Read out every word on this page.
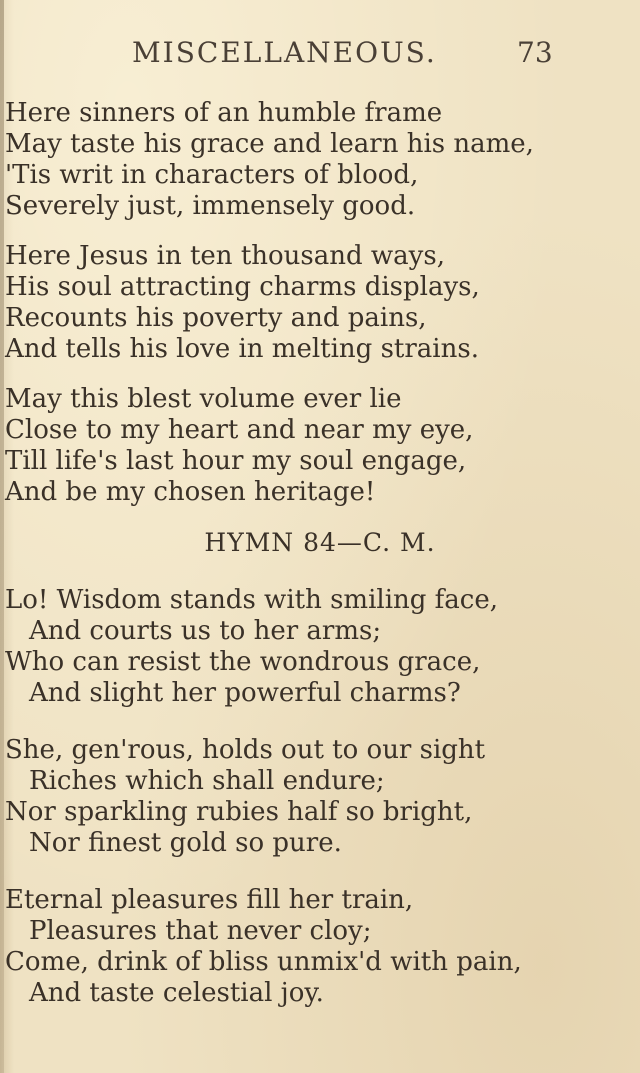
MISCELLANEOUS.	73
Here sinners of an humble frame
May taste his grace and learn his name,
'Tis writ in characters of blood,
Severely just, immensely good.
Here Jesus in ten thousand ways,
His soul attracting charms displays,
Recounts his poverty and pains,
And tells his love in melting strains.
May this blest volume ever lie
Close to my heart and near my eye,
Till life's last hour my soul engage,
And be my chosen heritage!
HYMN 84—C. M.
Lo! Wisdom stands with smiling face,
And courts us to her arms;
Who can resist the wondrous grace,
And slight her powerful charms?
She, gen'rous, holds out to our sight
Riches which shall endure;
Nor sparkling rubies half so bright,
Nor finest gold so pure.
Eternal pleasures fill her train,
Pleasures that never cloy;
Come, drink of bliss unmix'd with pain,
And taste celestial joy.
